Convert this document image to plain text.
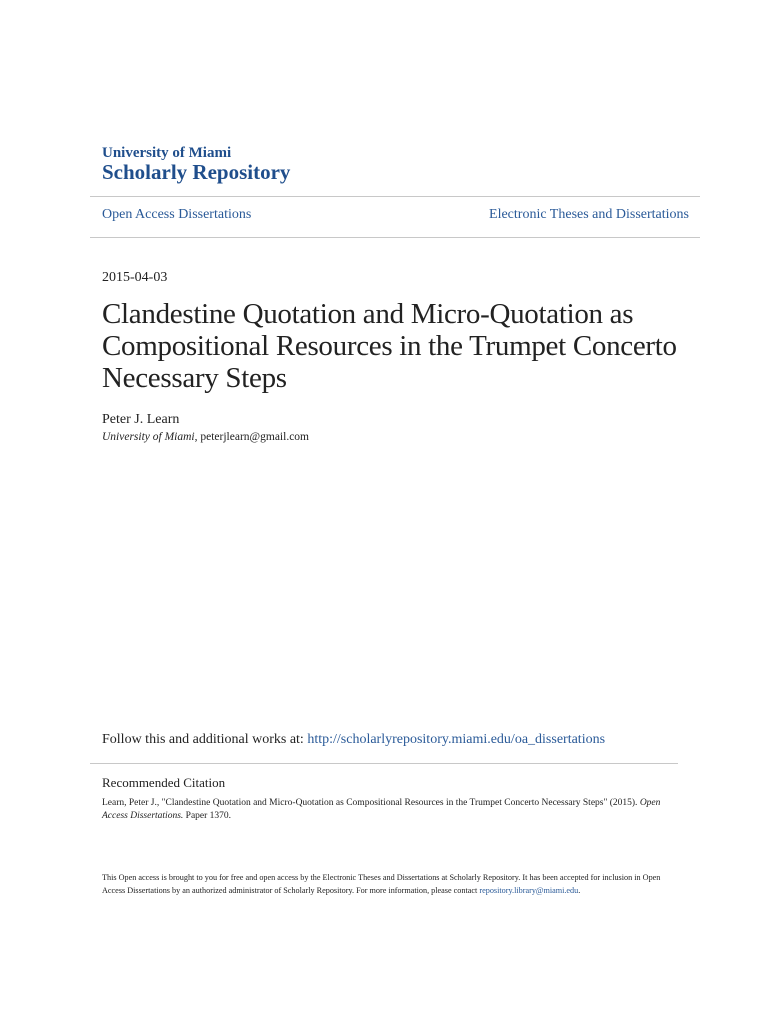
University of Miami
Scholarly Repository
Open Access Dissertations	Electronic Theses and Dissertations
2015-04-03
Clandestine Quotation and Micro-Quotation as Compositional Resources in the Trumpet Concerto Necessary Steps
Peter J. Learn
University of Miami, peterjlearn@gmail.com
Follow this and additional works at: http://scholarlyrepository.miami.edu/oa_dissertations
Recommended Citation
Learn, Peter J., "Clandestine Quotation and Micro-Quotation as Compositional Resources in the Trumpet Concerto Necessary Steps" (2015). Open Access Dissertations. Paper 1370.
This Open access is brought to you for free and open access by the Electronic Theses and Dissertations at Scholarly Repository. It has been accepted for inclusion in Open Access Dissertations by an authorized administrator of Scholarly Repository. For more information, please contact repository.library@miami.edu.
